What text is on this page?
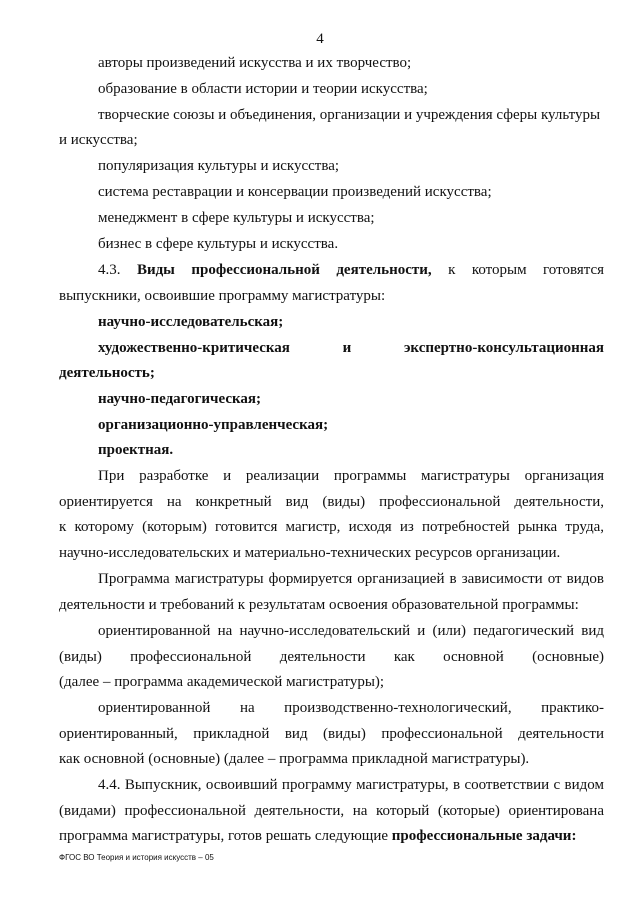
4
авторы произведений искусства и их творчество;
образование в области истории и теории искусства;
творческие союзы и объединения, организации и учреждения сферы культуры
и искусства;
популяризация культуры и искусства;
система реставрации и консервации произведений искусства;
менеджмент в сфере культуры и искусства;
бизнес в сфере культуры и искусства.
4.3. Виды профессиональной деятельности, к которым готовятся
выпускники, освоившие программу магистратуры:
научно-исследовательская;
художественно-критическая	и	экспертно-консультационная
деятельность;
научно-педагогическая;
организационно-управленческая;
проектная.
При разработке и реализации программы магистратуры организация
ориентируется на конкретный вид (виды) профессиональной деятельности,
к которому (которым) готовится магистр, исходя из потребностей рынка труда,
научно-исследовательских и материально-технических ресурсов организации.
Программа магистратуры формируется организацией в зависимости от видов
деятельности и требований к результатам освоения образовательной программы:
ориентированной на научно-исследовательский и (или) педагогический вид
(виды) профессиональной деятельности как основной (основные)
(далее – программа академической магистратуры);
ориентированной на производственно-технологический, практико-
ориентированный, прикладной вид (виды) профессиональной деятельности
как основной (основные) (далее – программа прикладной магистратуры).
4.4. Выпускник, освоивший программу магистратуры, в соответствии с видом
(видами) профессиональной деятельности, на который (которые) ориентирована
программа магистратуры, готов решать следующие профессиональные задачи:
ФГОС ВО Теория и история искусств – 05
